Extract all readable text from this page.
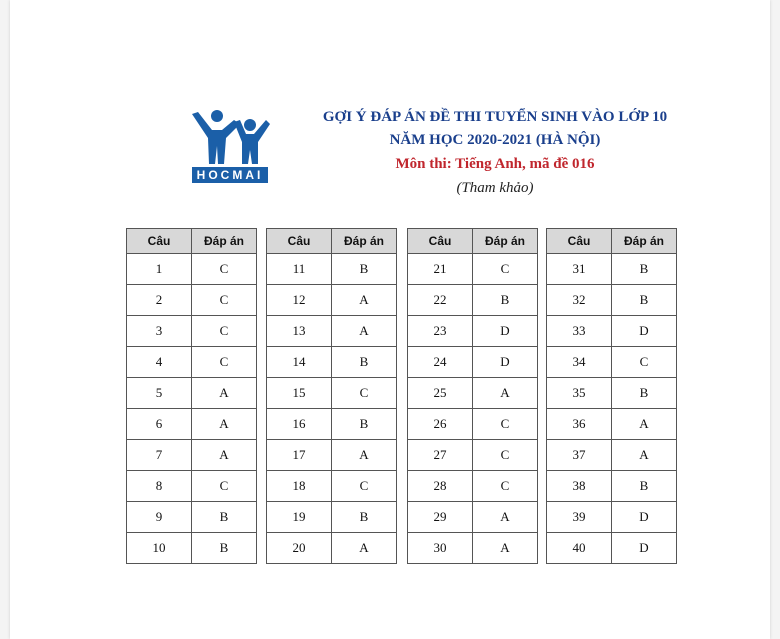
HOCMAI
GỢI Ý ĐÁP ÁN ĐỀ THI TUYỂN SINH VÀO LỚP 10
NĂM HỌC 2020-2021 (HÀ NỘI)
Môn thi: Tiếng Anh, mã đề 016
(Tham khảo)
Câu	Đáp án
1	C
2	C
3	C
4	C
5	A
6	A
7	A
8	C
9	B
10	B
Câu	Đáp án
11	B
12	A
13	A
14	B
15	C
16	B
17	A
18	C
19	B
20	A
Câu	Đáp án
21	C
22	B
23	D
24	D
25	A
26	C
27	C
28	C
29	A
30	A
Câu	Đáp án
31	B
32	B
33	D
34	C
35	B
36	A
37	A
38	B
39	D
40	D
